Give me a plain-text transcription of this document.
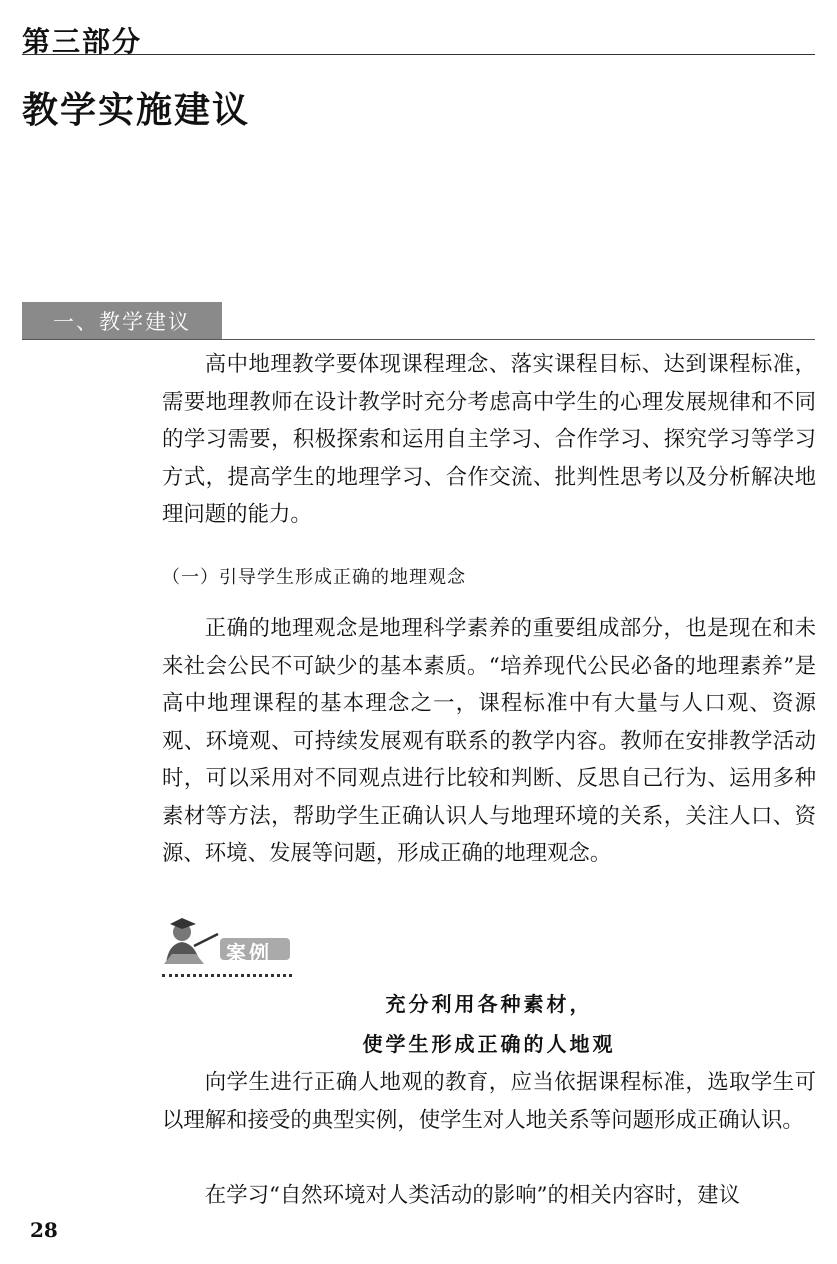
第三部分
教学实施建议
一、教学建议

高中地理教学要体现课程理念、落实课程目标、达到课程标准，需要地理教师在设计教学时充分考虑高中学生的心理发展规律和不同的学习需要，积极探索和运用自主学习、合作学习、探究学习等学习方式，提高学生的地理学习、合作交流、批判性思考以及分析解决地理问题的能力。

（一）引导学生形成正确的地理观念

正确的地理观念是地理科学素养的重要组成部分，也是现在和未来社会公民不可缺少的基本素质。“培养现代公民必备的地理素养”是高中地理课程的基本理念之一，课程标准中有大量与人口观、资源观、环境观、可持续发展观有联系的教学内容。教师在安排教学活动时，可以采用对不同观点进行比较和判断、反思自己行为、运用多种素材等方法，帮助学生正确认识人与地理环境的关系，关注人口、资源、环境、发展等问题，形成正确的地理观念。

案例
充分利用各种素材，
使学生形成正确的人地观

向学生进行正确人地观的教育，应当依据课程标准，选取学生可以理解和接受的典型实例，使学生对人地关系等问题形成正确认识。

在学习“自然环境对人类活动的影响”的相关内容时，建议

28
